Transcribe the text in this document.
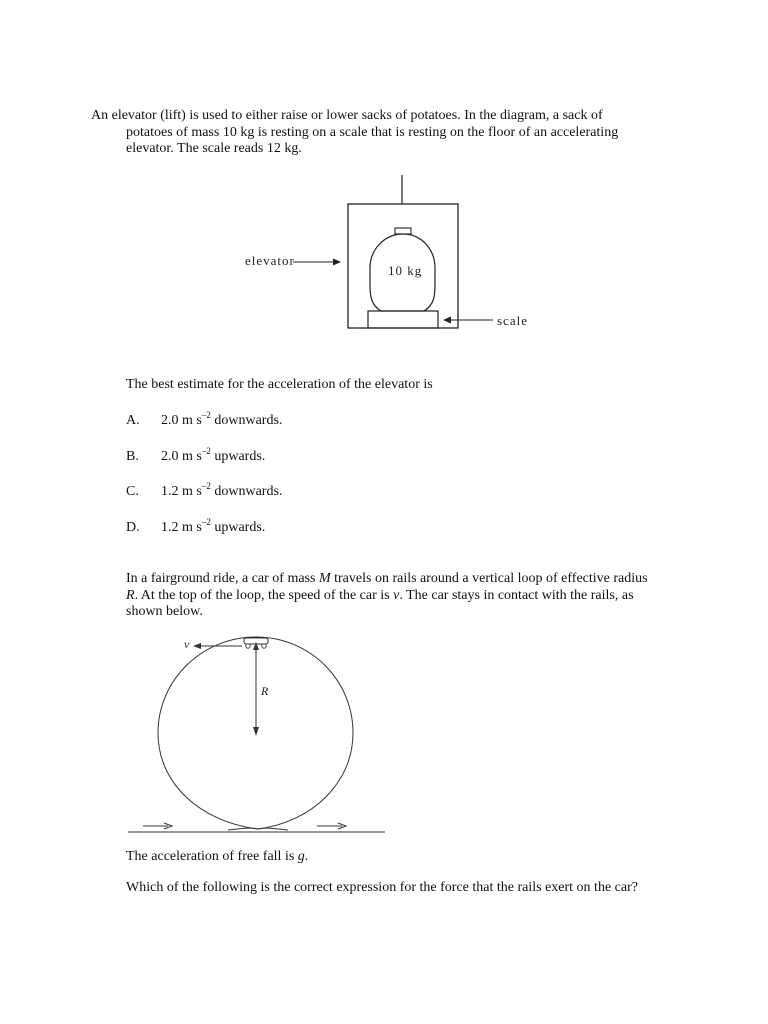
An elevator (lift) is used to either raise or lower sacks of potatoes. In the diagram, a sack of
potatoes of mass 10 kg is resting on a scale that is resting on the floor of an accelerating
elevator. The scale reads 12 kg.
10 kg
elevator
scale
The best estimate for the acceleration of the elevator is
A. 2.0 m $s^{-2}$ downwards.
B. 2.0 m $s^{-2}$ upwards.
C. 1.2 m $s^{-2}$ downwards.
D. 1.2 m $s^{-2}$ upwards.
In a fairground ride, a car of mass M travels on rails around a vertical loop of effective radius
R. At the top of the loop, the speed of the car is v. The car stays in contact with the rails, as
shown below.
v
R
The acceleration of free fall is g.
Which of the following is the correct expression for the force that the rails exert on the car?
